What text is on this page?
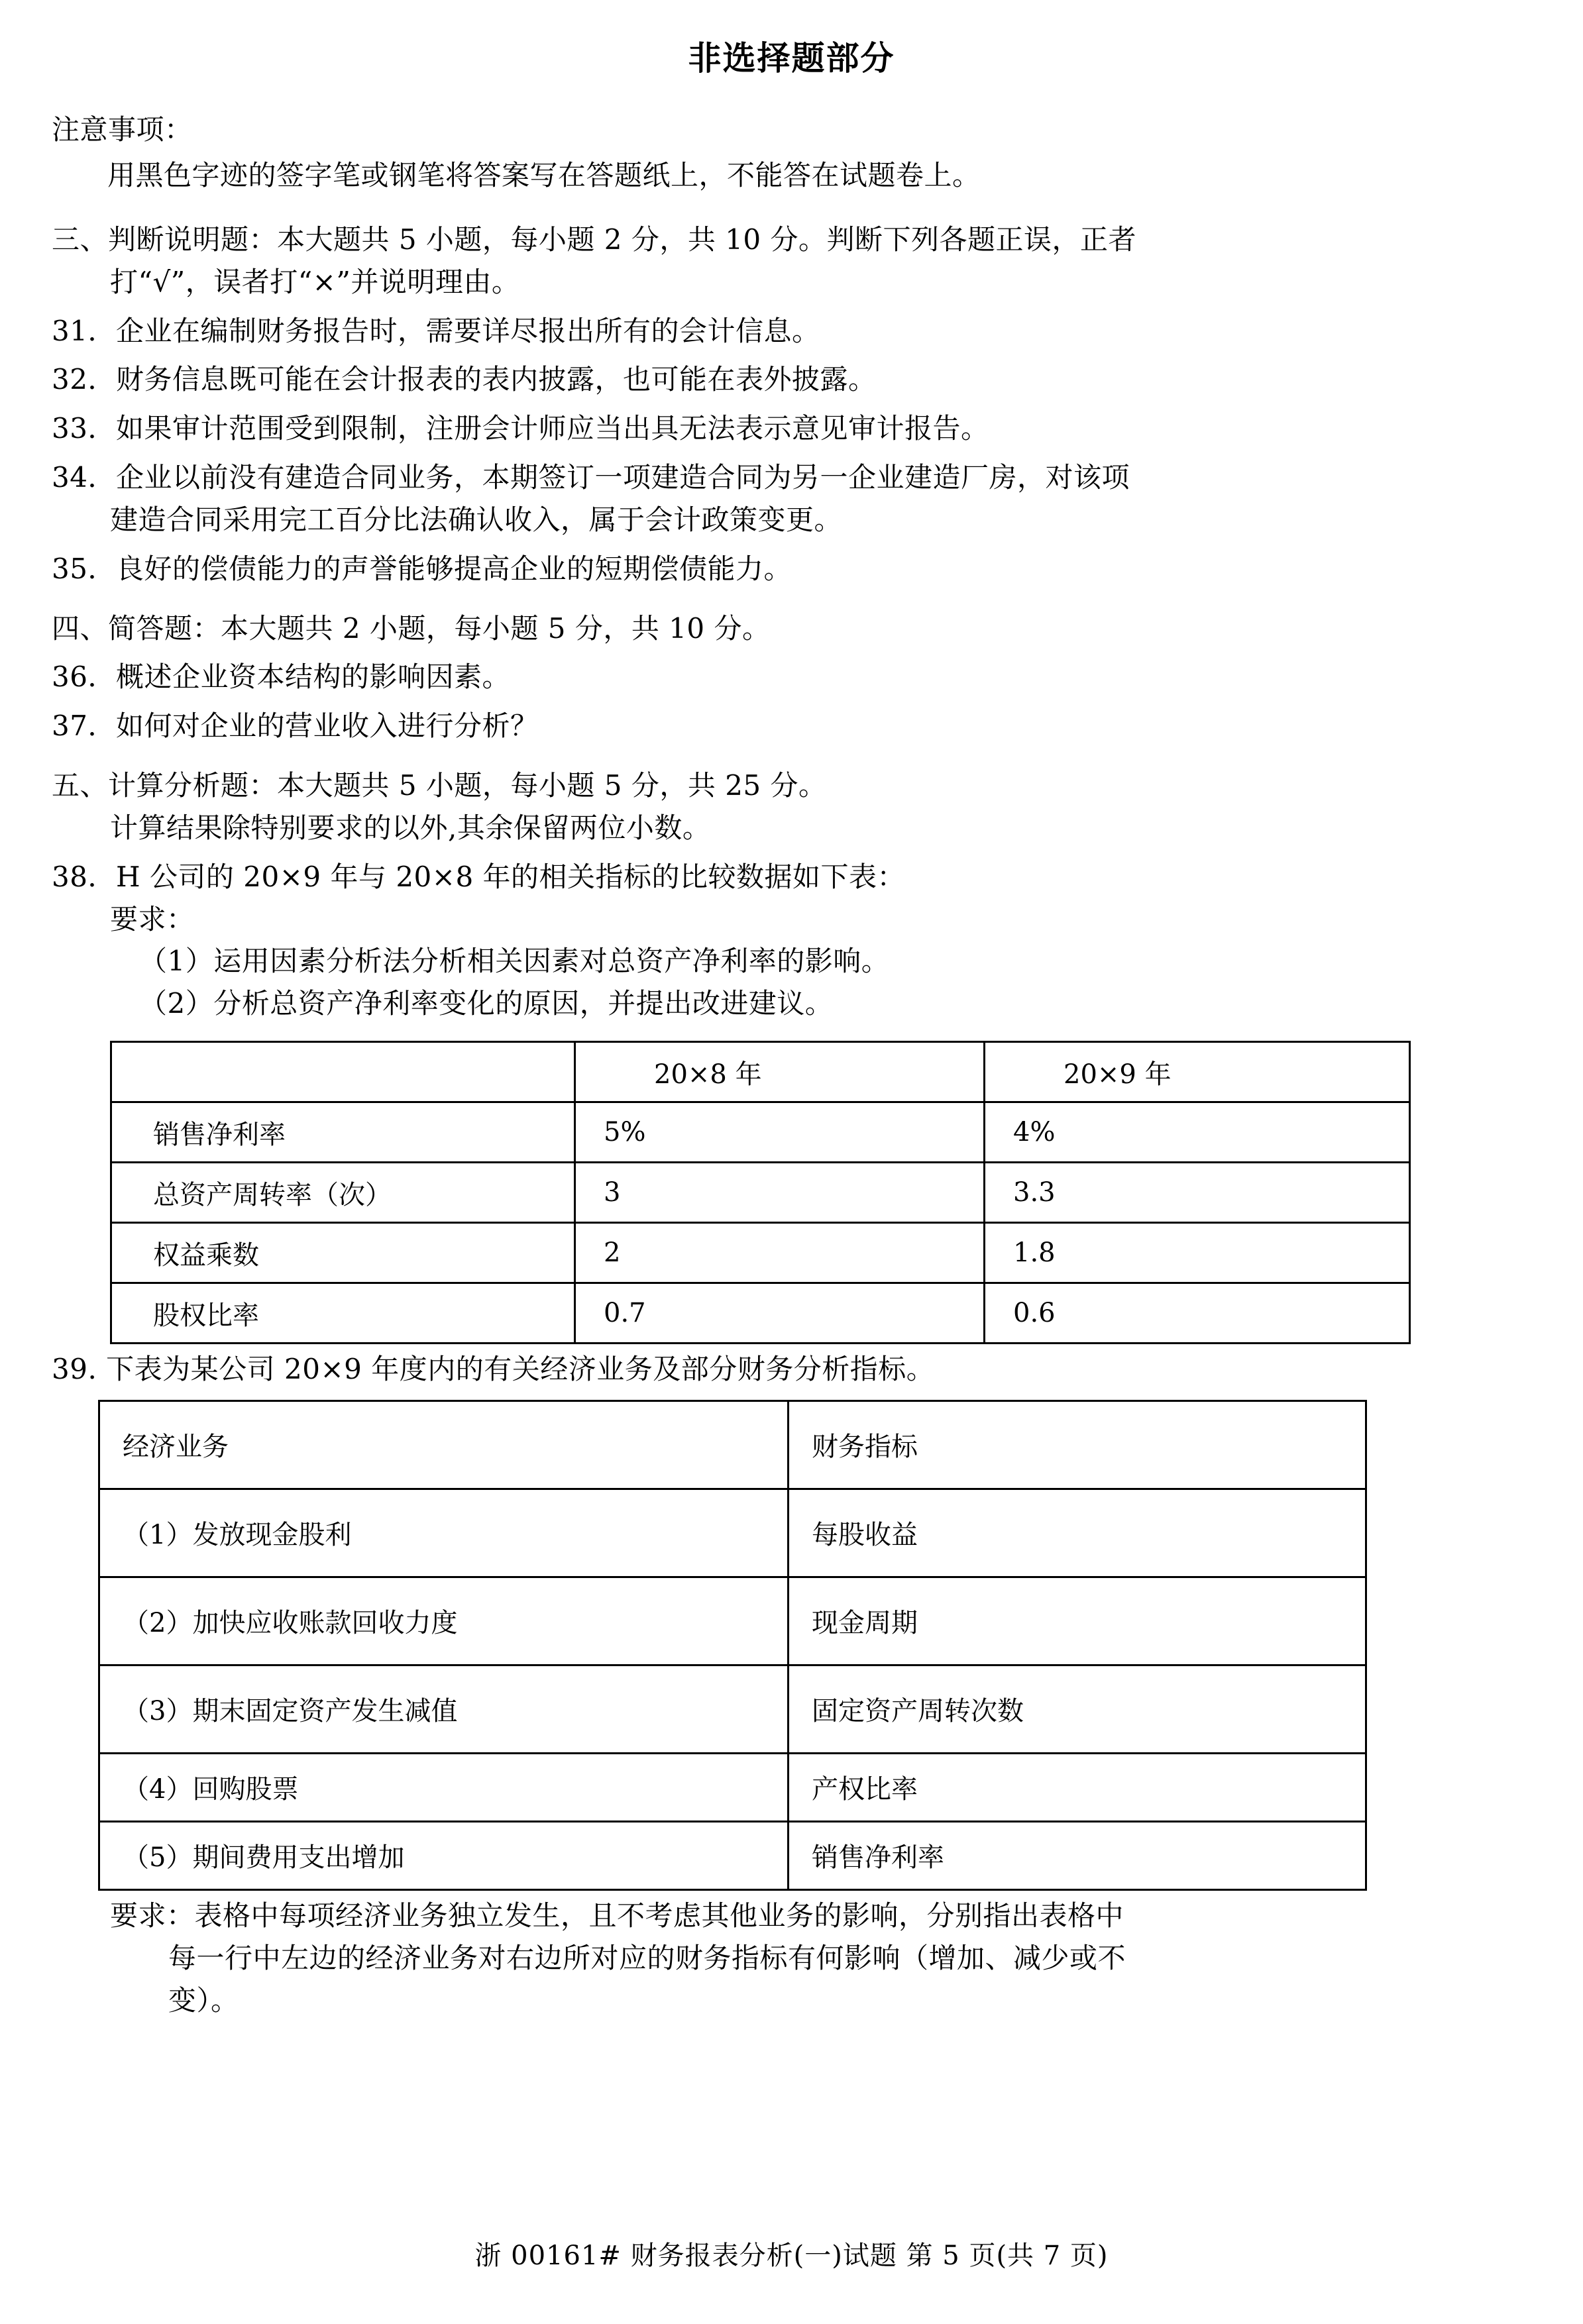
非选择题部分

注意事项：

用黑色字迹的签字笔或钢笔将答案写在答题纸上，不能答在试题卷上。

三、判断说明题：本大题共 5 小题，每小题 2 分，共 10 分。判断下列各题正误，正者

打“√”，误者打“×”并说明理由。

31．企业在编制财务报告时，需要详尽报出所有的会计信息。

32．财务信息既可能在会计报表的表内披露，也可能在表外披露。

33．如果审计范围受到限制，注册会计师应当出具无法表示意见审计报告。

34．企业以前没有建造合同业务，本期签订一项建造合同为另一企业建造厂房，对该项

建造合同采用完工百分比法确认收入，属于会计政策变更。

35．良好的偿债能力的声誉能够提高企业的短期偿债能力。

四、简答题：本大题共 2 小题，每小题 5 分，共 10 分。

36．概述企业资本结构的影响因素。

37．如何对企业的营业收入进行分析？

五、计算分析题：本大题共 5 小题，每小题 5 分，共 25 分。

计算结果除特别要求的以外,其余保留两位小数。

38．H 公司的 20×9 年与 20×8 年的相关指标的比较数据如下表：

要求：

（1）运用因素分析法分析相关因素对总资产净利率的影响。

（2）分析总资产净利率变化的原因，并提出改进建议。

	20×8 年	20×9 年
销售净利率	5%	4%
总资产周转率（次）	3	3.3
权益乘数	2	1.8
股权比率	0.7	0.6

39. 下表为某公司 20×9 年度内的有关经济业务及部分财务分析指标。

经济业务	财务指标
（1）发放现金股利	每股收益
（2）加快应收账款回收力度	现金周期
（3）期末固定资产发生减值	固定资产周转次数
（4）回购股票	产权比率
（5）期间费用支出增加	销售净利率

要求：表格中每项经济业务独立发生，且不考虑其他业务的影响，分别指出表格中

每一行中左边的经济业务对右边所对应的财务指标有何影响（增加、减少或不

变）。

浙 00161# 财务报表分析(一)试题 第 5 页(共 7 页)
